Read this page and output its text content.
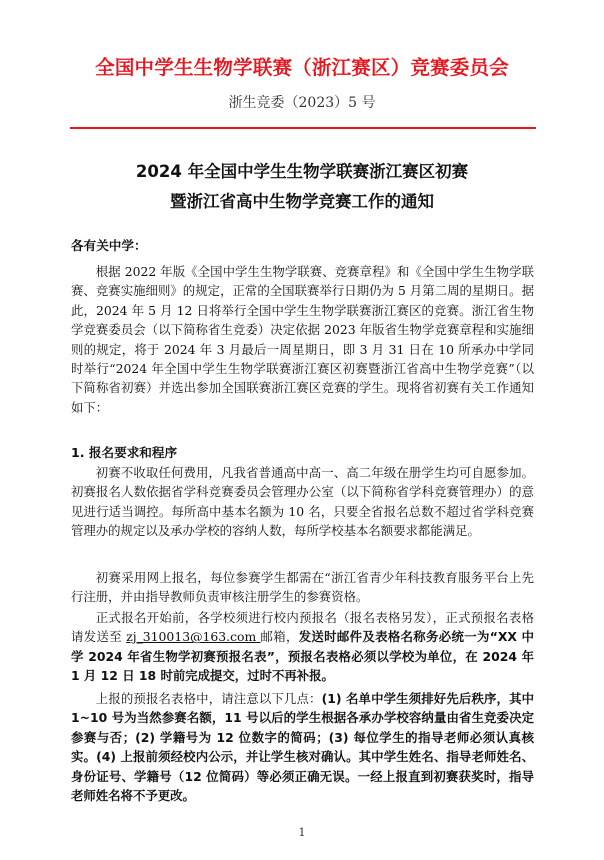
全国中学生生物学联赛（浙江赛区）竞赛委员会
浙生竞委（2023）5 号
2024 年全国中学生生物学联赛浙江赛区初赛
暨浙江省高中生物学竞赛工作的通知
各有关中学：

根据 2022 年版《全国中学生生物学联赛、竞赛章程》和《全国中学生生物学联赛、竞赛实施细则》的规定，正常的全国联赛举行日期仍为 5 月第二周的星期日。据此，2024 年 5 月 12 日将举行全国中学生生物学联赛浙江赛区的竞赛。浙江省生物学竞赛委员会（以下简称省生竞委）决定依据 2023 年版省生物学竞赛章程和实施细则的规定，将于 2024 年 3 月最后一周星期日，即 3 月 31 日在 10 所承办中学同时举行“2024 年全国中学生生物学联赛浙江赛区初赛暨浙江省高中生物学竞赛”（以下简称省初赛）并选出参加全国联赛浙江赛区竞赛的学生。现将省初赛有关工作通知如下：

1. 报名要求和程序

初赛不收取任何费用，凡我省普通高中高一、高二年级在册学生均可自愿参加。初赛报名人数依据省学科竞赛委员会管理办公室（以下简称省学科竞赛管理办）的意见进行适当调控。每所高中基本名额为 10 名，只要全省报名总数不超过省学科竞赛管理办的规定以及承办学校的容纳人数，每所学校基本名额要求都能满足。

初赛采用网上报名，每位参赛学生都需在“浙江省青少年科技教育服务平台上先行注册，并由指导教师负责审核注册学生的参赛资格。

正式报名开始前，各学校须进行校内预报名（报名表格另发），正式预报名表格请发送至 zj_310013@163.com 邮箱，发送时邮件及表格名称务必统一为“XX 中学 2024 年省生物学初赛预报名表”，预报名表格必须以学校为单位，在 2024 年 1 月 12 日 18 时前完成提交，过时不再补报。

上报的预报名表格中，请注意以下几点：(1) 名单中学生须排好先后秩序，其中 1~10 号为当然参赛名额，11 号以后的学生根据各承办学校容纳量由省生竞委决定参赛与否；(2) 学籍号为 12 位数字的简码；(3) 每位学生的指导老师必须认真核实。(4) 上报前须经校内公示，并让学生核对确认。其中学生姓名、指导老师姓名、身份证号、学籍号（12 位简码）等必须正确无误。一经上报直到初赛获奖时，指导老师姓名将不予更改。

1
